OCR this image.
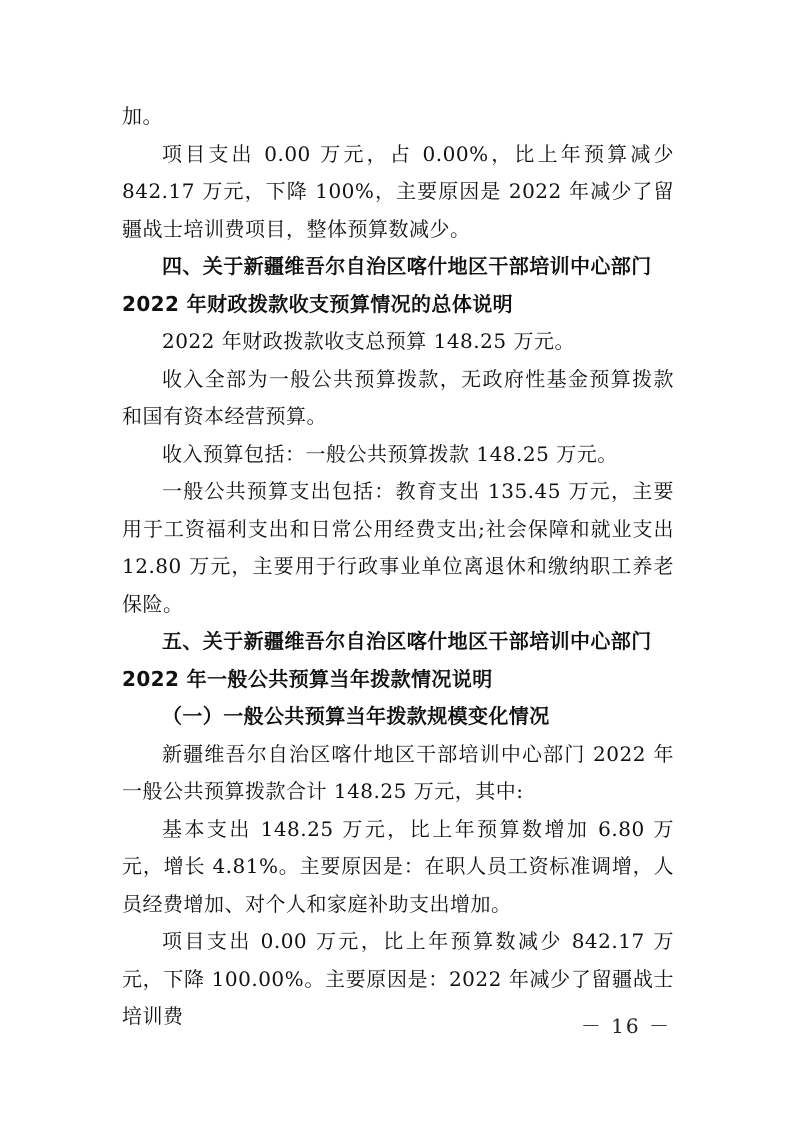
加。

项目支出 0.00 万元，占 0.00%，比上年预算减少 842.17 万元，下降 100%，主要原因是 2022 年减少了留疆战士培训费项目，整体预算数减少。

四、关于新疆维吾尔自治区喀什地区干部培训中心部门 2022 年财政拨款收支预算情况的总体说明

2022 年财政拨款收支总预算 148.25 万元。

收入全部为一般公共预算拨款，无政府性基金预算拨款和国有资本经营预算。

收入预算包括：一般公共预算拨款 148.25 万元。

一般公共预算支出包括：教育支出 135.45 万元，主要用于工资福利支出和日常公用经费支出;社会保障和就业支出 12.80 万元，主要用于行政事业单位离退休和缴纳职工养老保险。

五、关于新疆维吾尔自治区喀什地区干部培训中心部门 2022 年一般公共预算当年拨款情况说明

（一）一般公共预算当年拨款规模变化情况

新疆维吾尔自治区喀什地区干部培训中心部门 2022 年一般公共预算拨款合计 148.25 万元，其中:

基本支出 148.25 万元，比上年预算数增加 6.80 万元，增长 4.81%。主要原因是：在职人员工资标准调增，人员经费增加、对个人和家庭补助支出增加。

项目支出 0.00 万元，比上年预算数减少 842.17 万元，下降 100.00%。主要原因是：2022 年减少了留疆战士培训费	－ 16 －
